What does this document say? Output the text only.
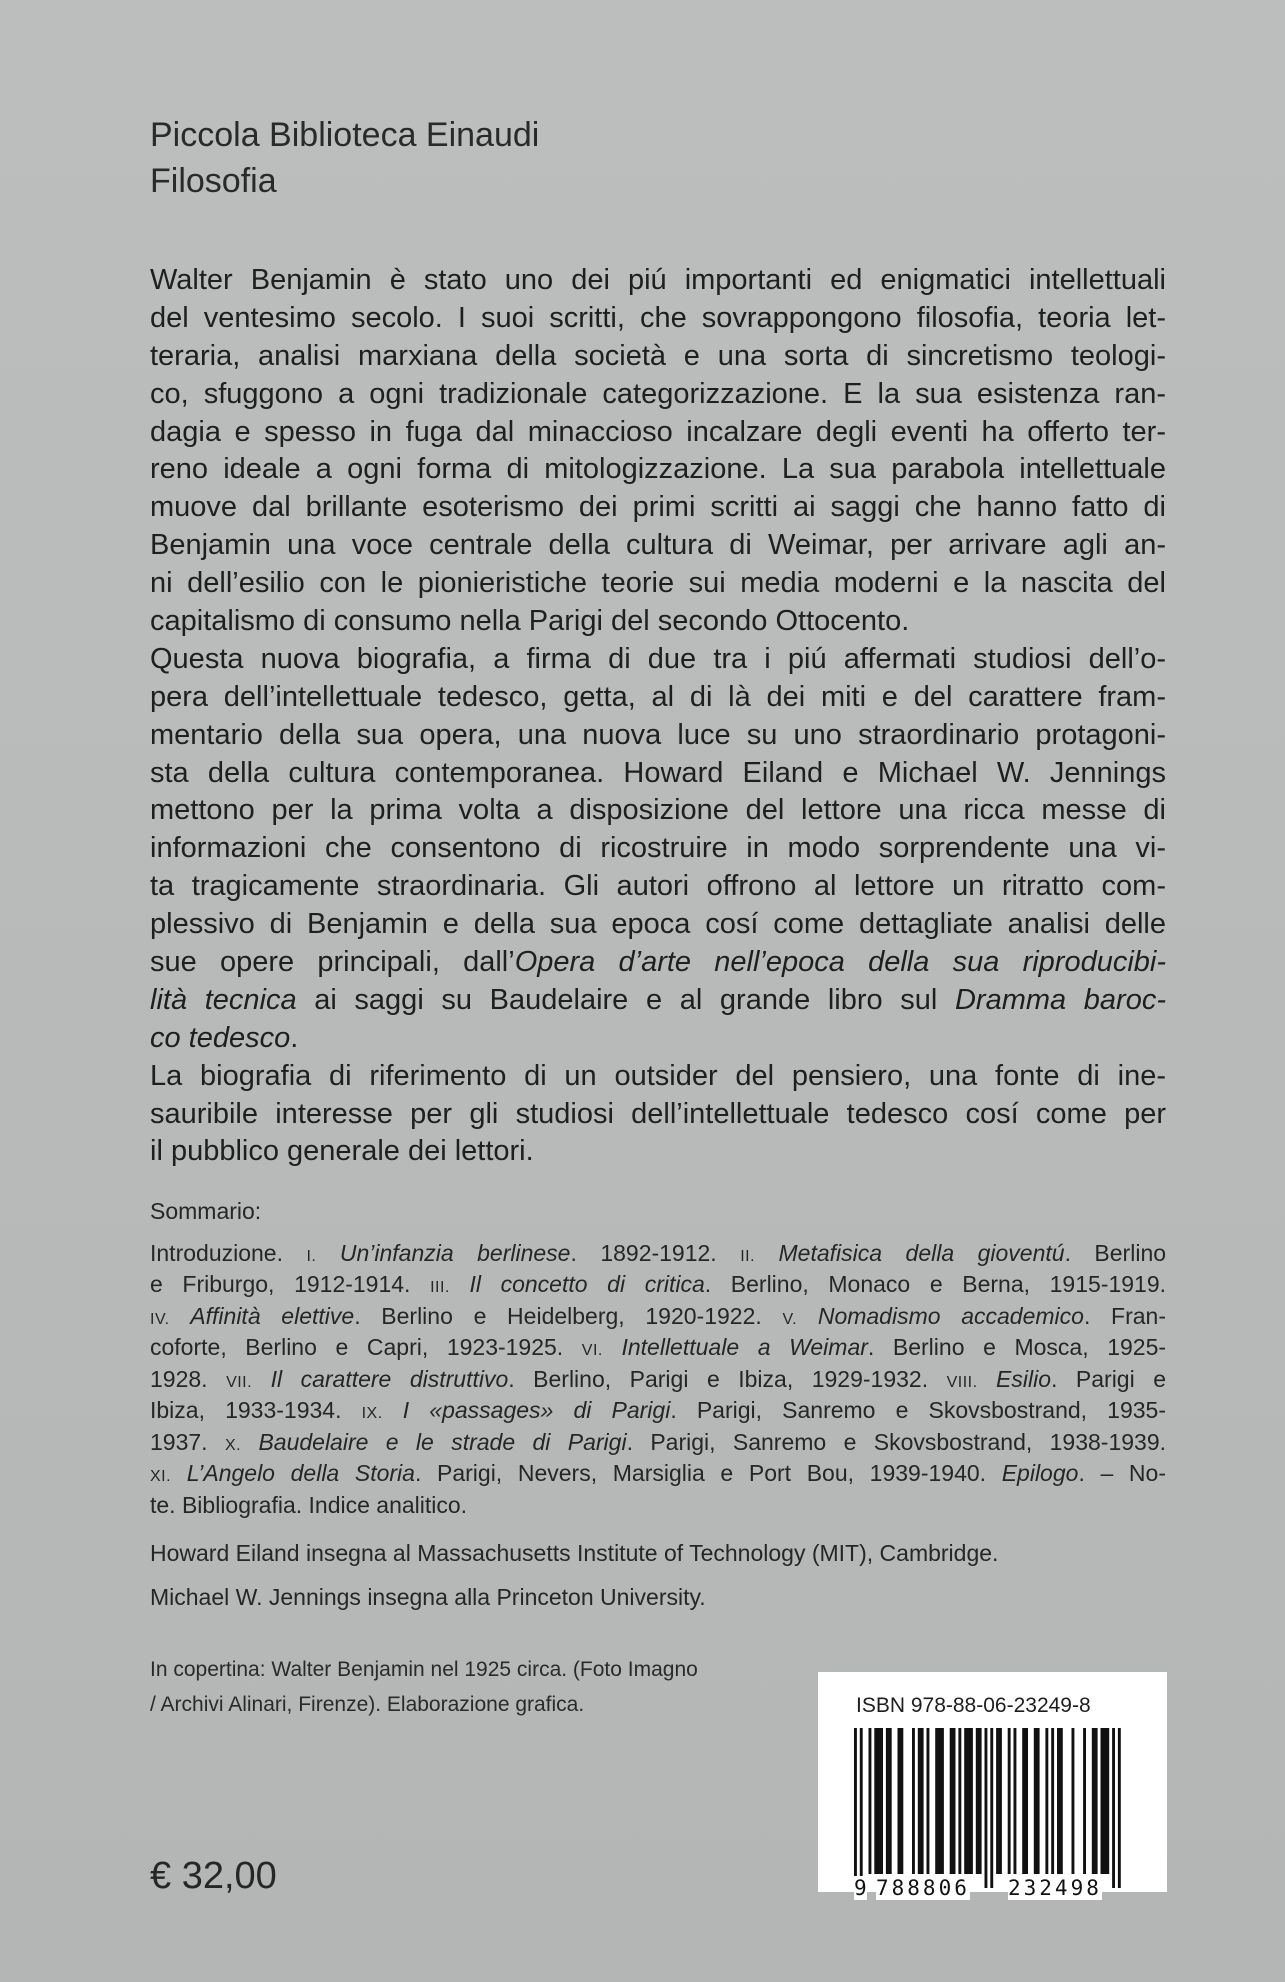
Piccola Biblioteca Einaudi
Filosofia
Walter Benjamin è stato uno dei piú importanti ed enigmatici intellettuali
del ventesimo secolo. I suoi scritti, che sovrappongono filosofia, teoria let-
teraria, analisi marxiana della società e una sorta di sincretismo teologi-
co, sfuggono a ogni tradizionale categorizzazione. E la sua esistenza ran-
dagia e spesso in fuga dal minaccioso incalzare degli eventi ha offerto ter-
reno ideale a ogni forma di mitologizzazione. La sua parabola intellettuale
muove dal brillante esoterismo dei primi scritti ai saggi che hanno fatto di
Benjamin una voce centrale della cultura di Weimar, per arrivare agli an-
ni dell’esilio con le pionieristiche teorie sui media moderni e la nascita del
capitalismo di consumo nella Parigi del secondo Ottocento.
Questa nuova biografia, a firma di due tra i piú affermati studiosi dell’o-
pera dell’intellettuale tedesco, getta, al di là dei miti e del carattere fram-
mentario della sua opera, una nuova luce su uno straordinario protagoni-
sta della cultura contemporanea. Howard Eiland e Michael W. Jennings
mettono per la prima volta a disposizione del lettore una ricca messe di
informazioni che consentono di ricostruire in modo sorprendente una vi-
ta tragicamente straordinaria. Gli autori offrono al lettore un ritratto com-
plessivo di Benjamin e della sua epoca cosí come dettagliate analisi delle
sue opere principali, dall’Opera d’arte nell’epoca della sua riproducibi-
lità tecnica ai saggi su Baudelaire e al grande libro sul Dramma baroc-
co tedesco.
La biografia di riferimento di un outsider del pensiero, una fonte di ine-
sauribile interesse per gli studiosi dell’intellettuale tedesco cosí come per
il pubblico generale dei lettori.
Sommario:
Introduzione. I. Un’infanzia berlinese. 1892-1912. II. Metafisica della gioventú. Berlino
e Friburgo, 1912-1914. III. Il concetto di critica. Berlino, Monaco e Berna, 1915-1919.
IV. Affinità elettive. Berlino e Heidelberg, 1920-1922. V. Nomadismo accademico. Fran-
coforte, Berlino e Capri, 1923-1925. VI. Intellettuale a Weimar. Berlino e Mosca, 1925-
1928. VII. Il carattere distruttivo. Berlino, Parigi e Ibiza, 1929-1932. VIII. Esilio. Parigi e
Ibiza, 1933-1934. IX. I «passages» di Parigi. Parigi, Sanremo e Skovsbostrand, 1935-
1937. X. Baudelaire e le strade di Parigi. Parigi, Sanremo e Skovsbostrand, 1938-1939.
XI. L’Angelo della Storia. Parigi, Nevers, Marsiglia e Port Bou, 1939-1940. Epilogo. – No-
te. Bibliografia. Indice analitico.
Howard Eiland insegna al Massachusetts Institute of Technology (MIT), Cambridge.
Michael W. Jennings insegna alla Princeton University.
In copertina: Walter Benjamin nel 1925 circa. (Foto Imagno
/ Archivi Alinari, Firenze). Elaborazione grafica.
€ 32,00
ISBN 978-88-06-23249-8
9 788806 232498
